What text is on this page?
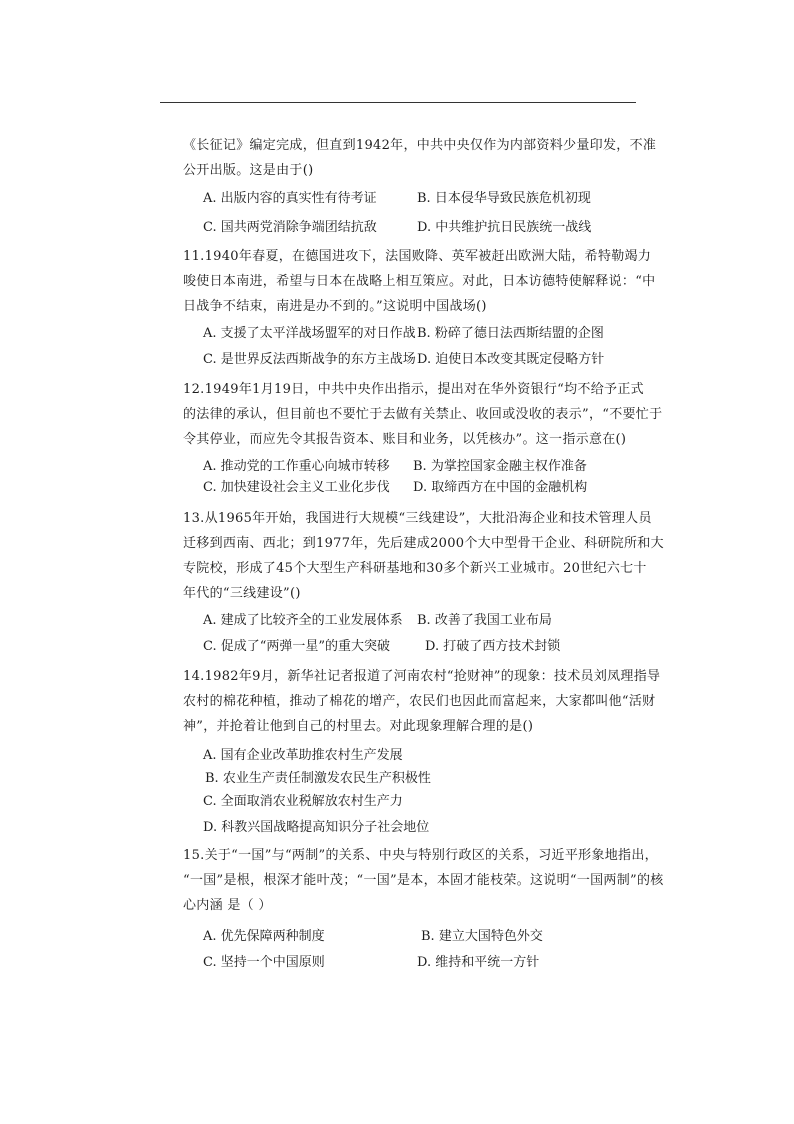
《长征记》编定完成，但直到1942年，中共中央仅作为内部资料少量印发，不准
公开出版。这是由于()
A. 出版内容的真实性有待考证	B. 日本侵华导致民族危机初现
C. 国共两党消除争端团结抗敌	D. 中共维护抗日民族统一战线
11.1940年春夏，在德国进攻下，法国败降、英军被赶出欧洲大陆，希特勒竭力
唆使日本南进，希望与日本在战略上相互策应。对此，日本访德特使解释说：“中
日战争不结束，南进是办不到的。”这说明中国战场()
A. 支援了太平洋战场盟军的对日作战 B. 粉碎了德日法西斯结盟的企图
C. 是世界反法西斯战争的东方主战场 D. 迫使日本改变其既定侵略方针
12.1949年1月19日，中共中央作出指示，提出对在华外资银行“均不给予正式
的法律的承认，但目前也不要忙于去做有关禁止、收回或没收的表示”，“不要忙于
令其停业，而应先令其报告资本、账目和业务，以凭核办”。这一指示意在()
A. 推动党的工作重心向城市转移 B. 为掌控国家金融主权作准备
C. 加快建设社会主义工业化步伐 D. 取缔西方在中国的金融机构
13.从1965年开始，我国进行大规模“三线建设”，大批沿海企业和技术管理人员
迁移到西南、西北；到1977年，先后建成2000个大中型骨干企业、科研院所和大
专院校，形成了45个大型生产科研基地和30多个新兴工业城市。20世纪六七十
年代的“三线建设”()
A. 建成了比较齐全的工业发展体系 B. 改善了我国工业布局
C. 促成了“两弹一星”的重大突破	D. 打破了西方技术封锁
14.1982年9月，新华社记者报道了河南农村“抢财神”的现象：技术员刘凤理指导
农村的棉花种植，推动了棉花的增产，农民们也因此而富起来，大家都叫他“活财
神”，并抢着让他到自己的村里去。对此现象理解合理的是()
A. 国有企业改革助推农村生产发展
B. 农业生产责任制激发农民生产积极性
C. 全面取消农业税解放农村生产力
D. 科教兴国战略提高知识分子社会地位
15.关于“一国”与“两制”的关系、中央与特别行政区的关系，习近平形象地指出，
“一国”是根，根深才能叶茂；“一国”是本，本固才能枝荣。这说明“一国两制”的核
心内涵 是（ ）
A. 优先保障两种制度	B. 建立大国特色外交
C. 坚持一个中国原则	D. 维持和平统一方针
